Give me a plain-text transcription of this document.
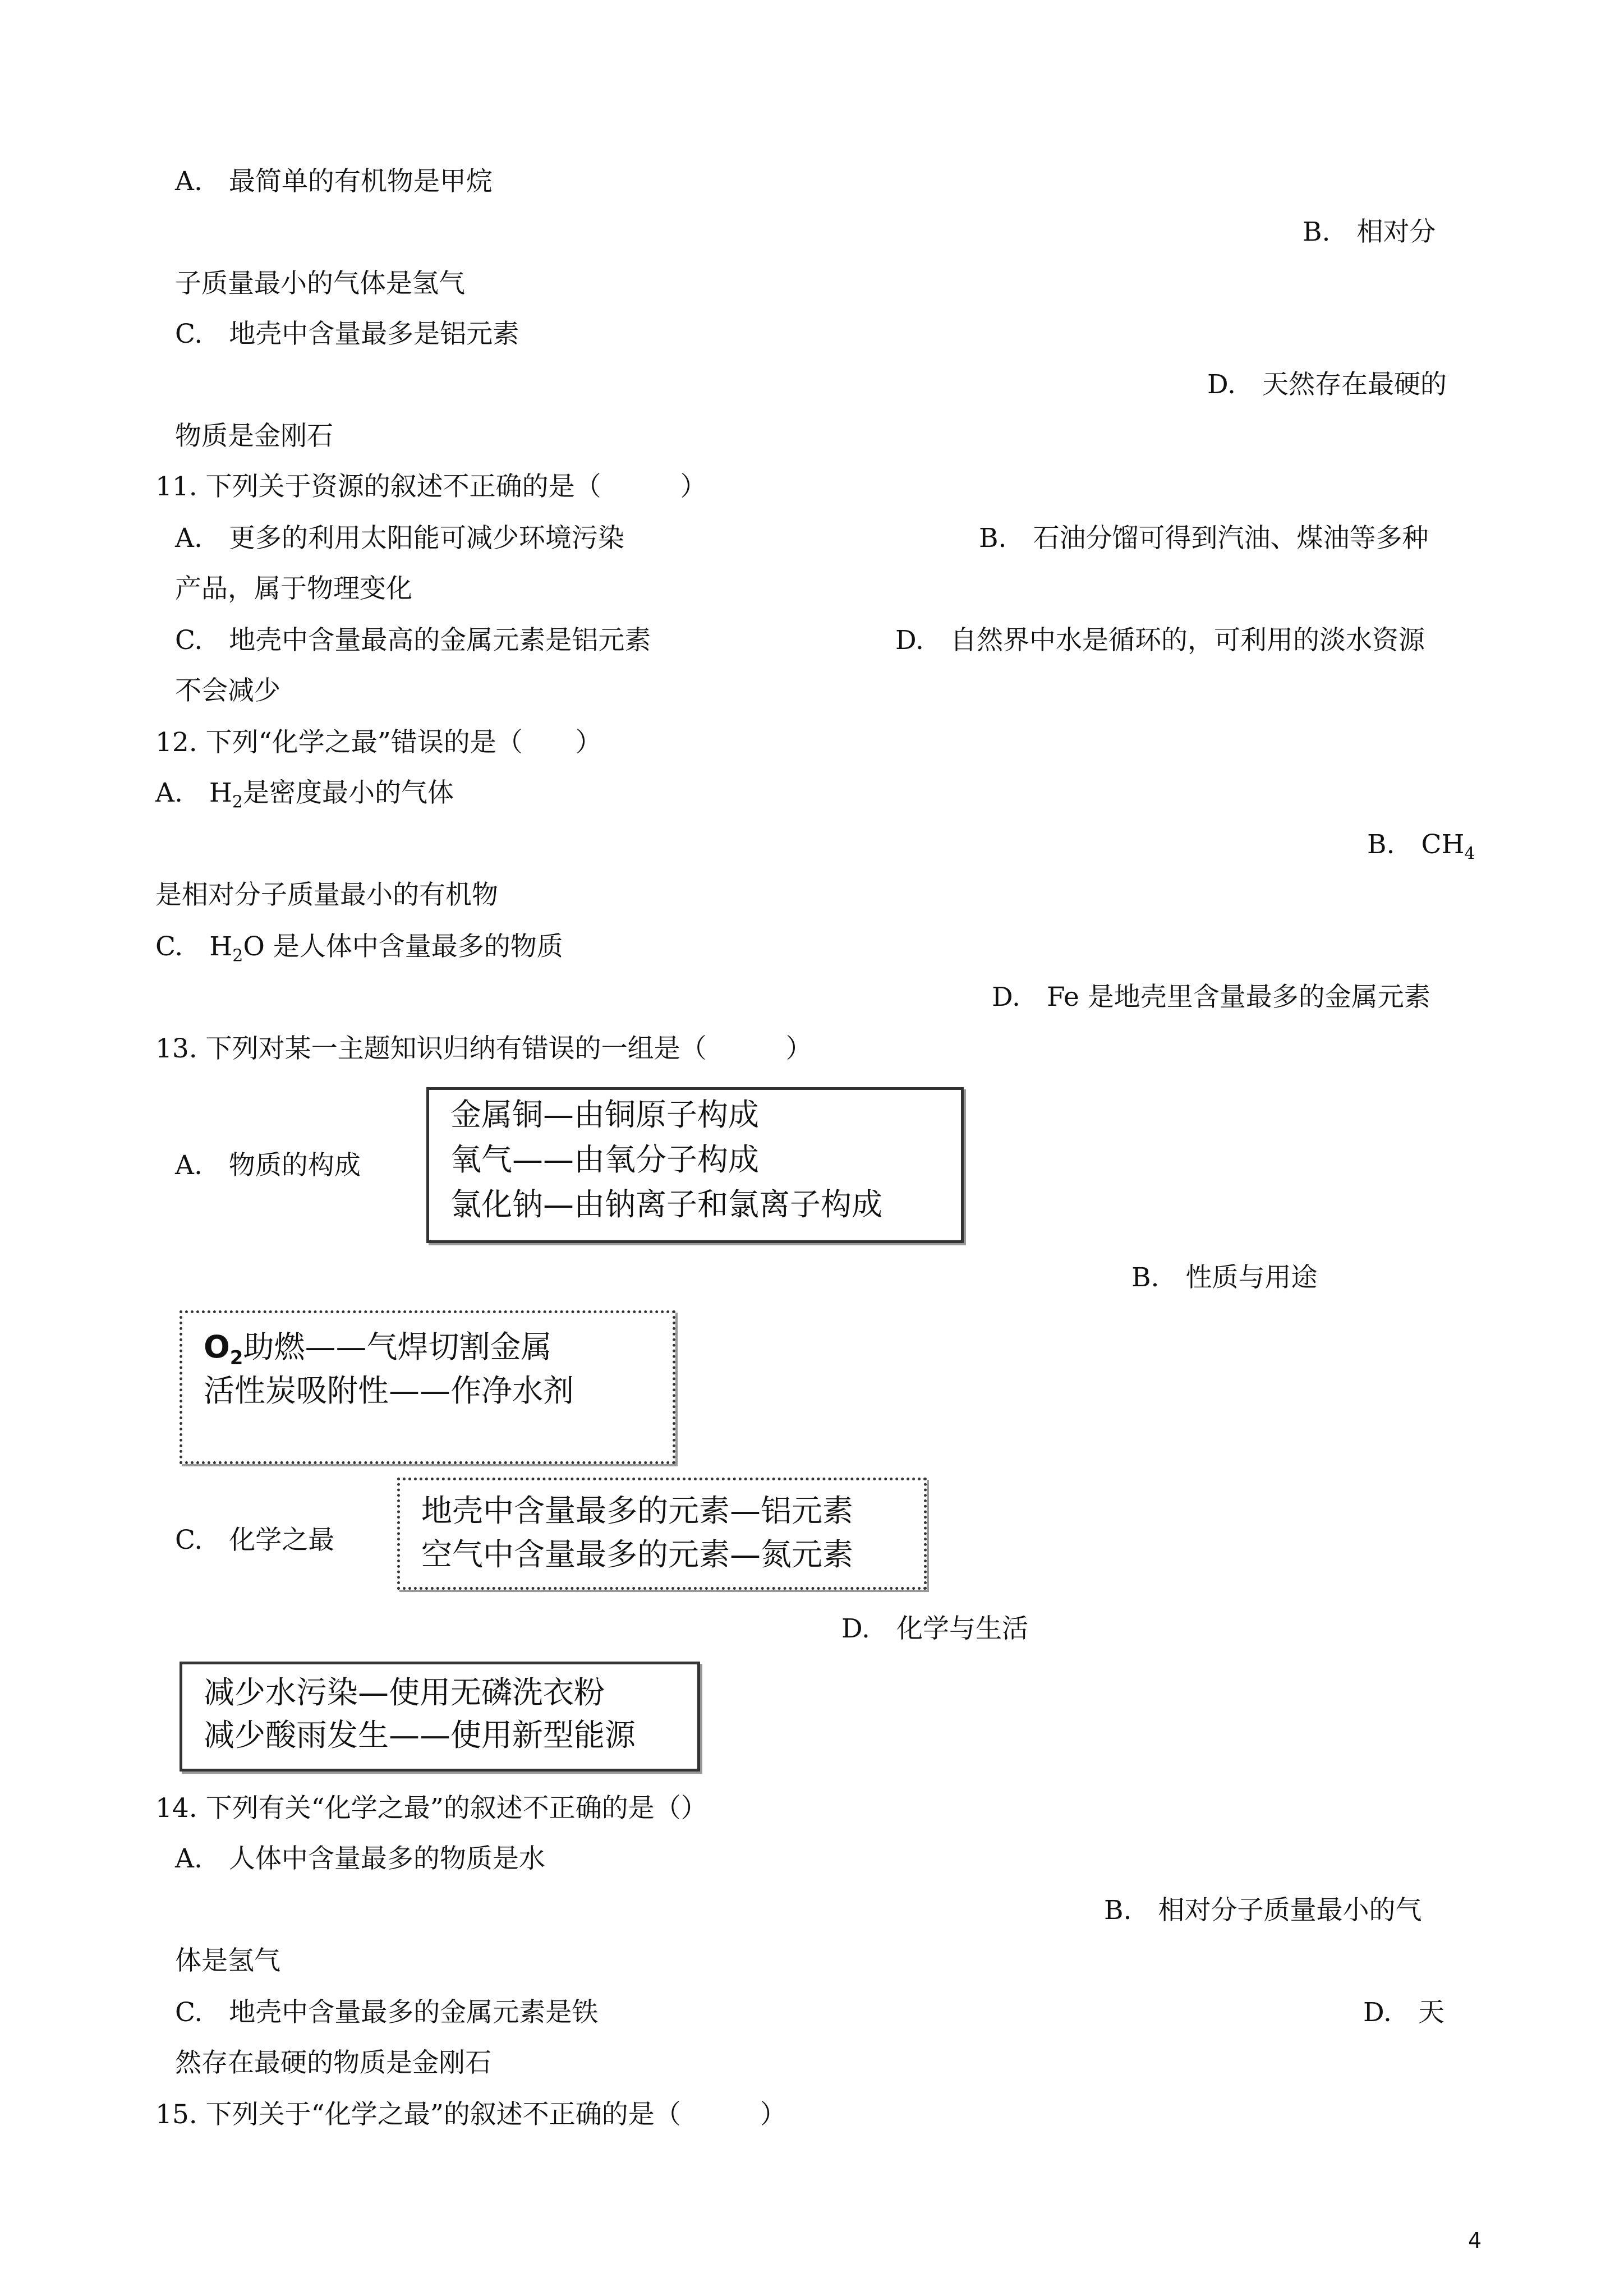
A.　最简单的有机物是甲烷
B.　相对分
子质量最小的气体是氢气
C.　地壳中含量最多是铝元素
D.　天然存在最硬的
物质是金刚石
11. 下列关于资源的叙述不正确的是（　　　）
A.　更多的利用太阳能可减少环境污染	B.　石油分馏可得到汽油、煤油等多种
产品，属于物理变化
C.　地壳中含量最高的金属元素是铝元素	D.　自然界中水是循环的，可利用的淡水资源
不会减少
12. 下列“化学之最”错误的是（　　）
A.　$H_2$是密度最小的气体
B.　$CH_4$
是相对分子质量最小的有机物
C.　$H_2O$ 是人体中含量最多的物质
D.　Fe 是地壳里含量最多的金属元素
13. 下列对某一主题知识归纳有错误的一组是（　　　）
A.　物质的构成
金属铜—由铜原子构成
氧气——由氧分子构成
氯化钠—由钠离子和氯离子构成
B.　性质与用途
$O_2$助燃——气焊切割金属
活性炭吸附性——作净水剂
C.　化学之最
地壳中含量最多的元素—铝元素
空气中含量最多的元素—氮元素
D.　化学与生活
减少水污染—使用无磷洗衣粉
减少酸雨发生——使用新型能源
14. 下列有关“化学之最”的叙述不正确的是（）
A.　人体中含量最多的物质是水
B.　相对分子质量最小的气
体是氢气
C.　地壳中含量最多的金属元素是铁	D.　天
然存在最硬的物质是金刚石
15. 下列关于“化学之最”的叙述不正确的是（　　　）
4
